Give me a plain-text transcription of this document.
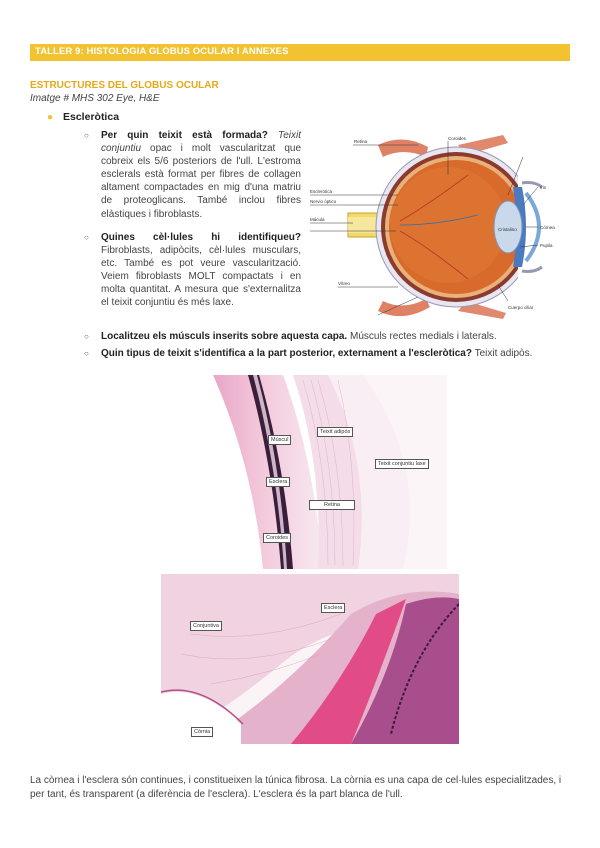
TALLER 9: HISTOLOGIA GLOBUS OCULAR I ANNEXES
ESTRUCTURES DEL GLOBUS OCULAR
Imatge # MHS 302 Eye, H&E
● Escleròtica
○ Per quin teixit està formada? Teixit conjuntiu opac i molt vascularitzat que cobreix els 5/6 posteriors de l'ull. L'estroma esclerals està format per fibres de collagen altament compactades en mig d'una matriu de proteoglicans. També inclou fibres elàstiques i fibroblasts.
○ Quines cèl·lules hi identifiqueu? Fibroblasts, adipòcits, cèl·lules musculars, etc. També es pot veure vascularització. Veiem fibroblasts MOLT compactats i en molta quantitat. A mesura que s'externalitza el teixit conjuntiu és més laxe.
○ Localitzeu els músculs inserits sobre aquesta capa. Músculs rectes medials i laterals.
○ Quin tipus de teixit s'identifica a la part posterior, externament a l'escleròtica? Teixit adipòs.
Retina
Coroides
Esclerótica
Nervio óptico
Mácula
Vítreo
Cristalino	Córnea
Iris
Pupila
Cuerpo ciliar
Teixit adipós
Múscul
Teixit conjuntiu laxe
Esclera
Coroides
Retina
Esclera
Conjuntiva
Còrnia
La còrnea i l'esclera són continues, i constitueixen la túnica fibrosa. La còrnia es una capa de cel·lules especialitzades, i per tant, és transparent (a diferència de l'esclera). L'esclera és la part blanca de l'ull.
